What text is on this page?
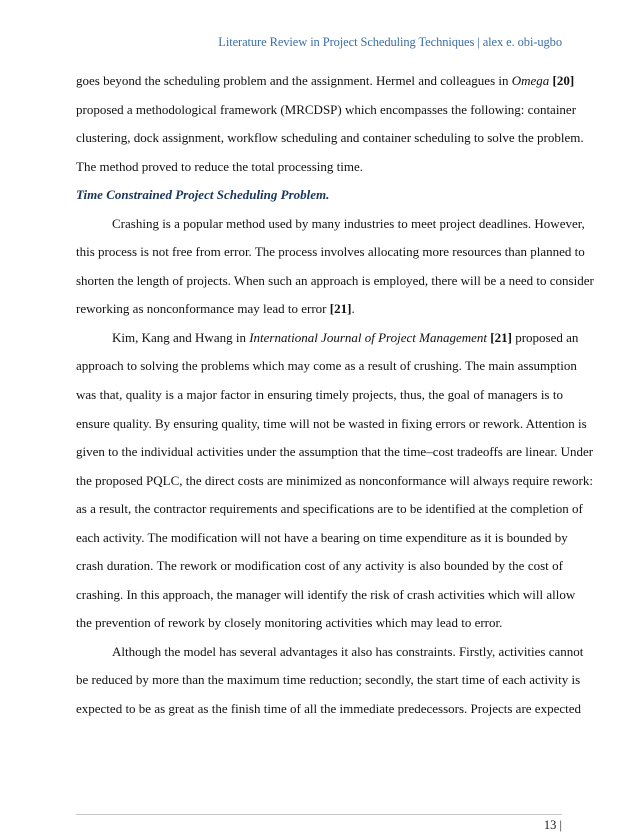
Literature Review in Project Scheduling Techniques | alex e. obi-ugbo

goes beyond the scheduling problem and the assignment. Hermel and colleagues in Omega [20]
proposed a methodological framework (MRCDSP) which encompasses the following: container
clustering, dock assignment, workflow scheduling and container scheduling to solve the problem.
The method proved to reduce the total processing time.

Time Constrained Project Scheduling Problem.

Crashing is a popular method used by many industries to meet project deadlines. However,
this process is not free from error. The process involves allocating more resources than planned to
shorten the length of projects. When such an approach is employed, there will be a need to consider
reworking as nonconformance may lead to error [21].

Kim, Kang and Hwang in International Journal of Project Management [21] proposed an
approach to solving the problems which may come as a result of crushing. The main assumption
was that, quality is a major factor in ensuring timely projects, thus, the goal of managers is to
ensure quality. By ensuring quality, time will not be wasted in fixing errors or rework. Attention is
given to the individual activities under the assumption that the time–cost tradeoffs are linear. Under
the proposed PQLC, the direct costs are minimized as nonconformance will always require rework:
as a result, the contractor requirements and specifications are to be identified at the completion of
each activity. The modification will not have a bearing on time expenditure as it is bounded by
crash duration. The rework or modification cost of any activity is also bounded by the cost of
crashing. In this approach, the manager will identify the risk of crash activities which will allow
the prevention of rework by closely monitoring activities which may lead to error.

Although the model has several advantages it also has constraints. Firstly, activities cannot
be reduced by more than the maximum time reduction; secondly, the start time of each activity is
expected to be as great as the finish time of all the immediate predecessors. Projects are expected

13 |
